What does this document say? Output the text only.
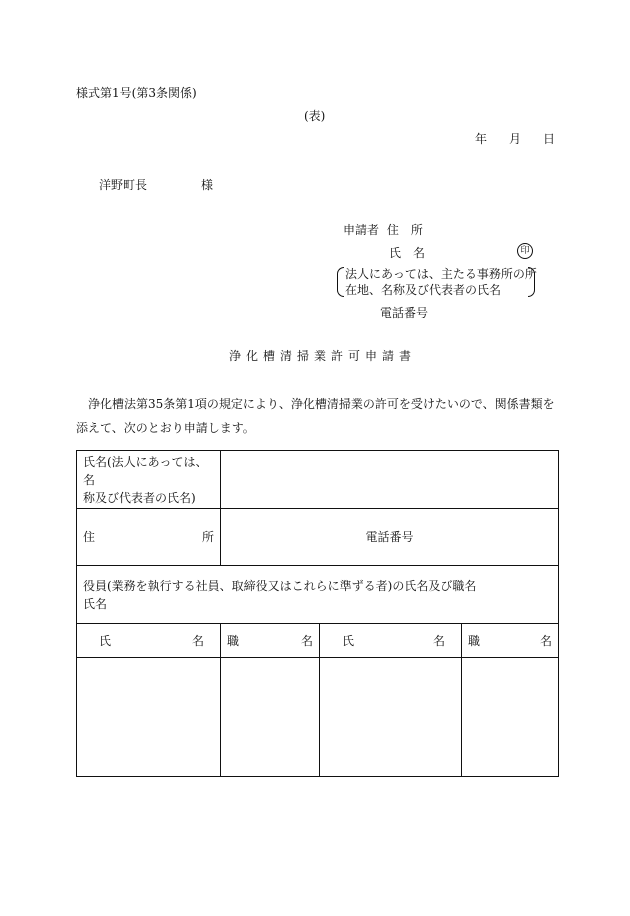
様式第1号(第3条関係)
(表)
年 月 日
洋野町長	様
申請者 住　所
氏　名	印
法人にあっては、主たる事務所の所
在地、名称及び代表者の氏名
電話番号
浄化槽清掃業許可申請書
浄化槽法第35条第1項の規定により、浄化槽清掃業の許可を受けたいので、関係書類を添えて、次のとおり申請します。
氏名(法人にあっては、名
称及び代表者の氏名)			

住 所	電話番号		

役員(業務を執行する社員、取締役又はこれらに準ずる者)の氏名及び職名
氏名			

氏 名	職 名	氏 名	職 名
